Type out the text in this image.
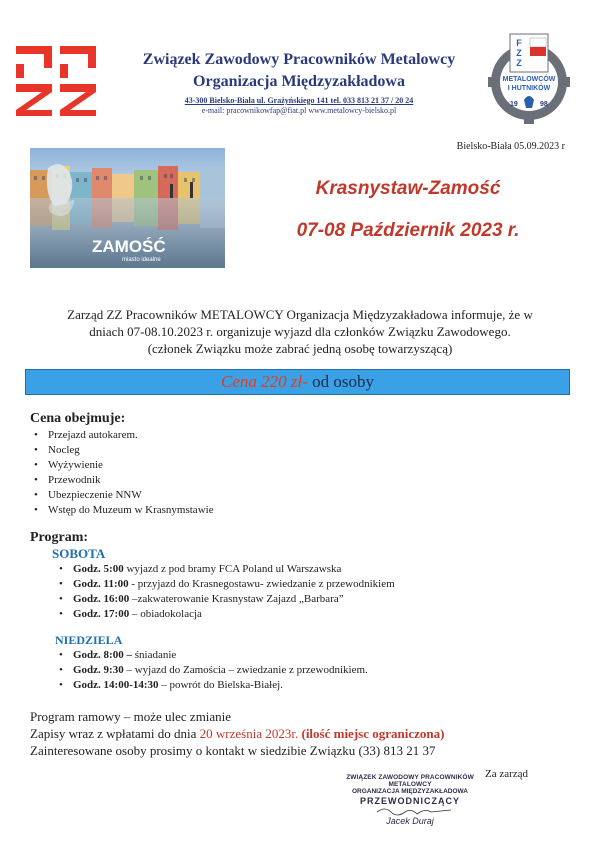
Związek Zawodowy Pracowników Metalowcy
Organizacja Międzyzakładowa
43-300 Bielsko-Biała ul. Grażyńskiego 141 tel. 033 813 21 37 / 20 24
e-mail: pracownikowfap@fiat.pl www.metalowcy-bielsko.pl
F
Z
Z
METALOWCÓW
I HUTNIKÓW
19	98
Bielsko-Biała 05.09.2023 r
ZAMOŚĆ
miasto idealne
Krasnystaw-Zamość
07-08 Październik 2023 r.
Zarząd ZZ Pracowników METALOWCY Organizacja Międzyzakładowa informuje, że w
dniach 07-08.10.2023 r. organizuje wyjazd dla członków Związku Zawodowego.
(członek Związku może zabrać jedną osobę towarzyszącą)
Cena 220 zł- od osoby
Cena obejmuje:
• Przejazd autokarem.
• Nocleg
• Wyżywienie
• Przewodnik
• Ubezpieczenie NNW
• Wstęp do Muzeum w Krasnymstawie
Program:
SOBOTA
• Godz. 5:00 wyjazd z pod bramy FCA Poland ul Warszawska
• Godz. 11:00 - przyjazd do Krasnegostawu- zwiedzanie z przewodnikiem
• Godz. 16:00 –zakwaterowanie Krasnystaw Zajazd „Barbara”
• Godz. 17:00 – obiadokolacja
NIEDZIELA
• Godz. 8:00 – śniadanie
• Godz. 9:30 – wyjazd do Zamościa – zwiedzanie z przewodnikiem.
• Godz. 14:00-14:30 – powrót do Bielska-Białej.
Program ramowy – może ulec zmianie
Zapisy wraz z wpłatami do dnia 20 września 2023r. (ilość miejsc ograniczona)
Zainteresowane osoby prosimy o kontakt w siedzibie Związku (33) 813 21 37
Za zarząd
ZWIĄZEK ZAWODOWY PRACOWNIKÓW METALOWCY
ORGANIZACJA MIĘDZYZAKŁADOWA
PRZEWODNICZĄCY
Jacek Duraj
